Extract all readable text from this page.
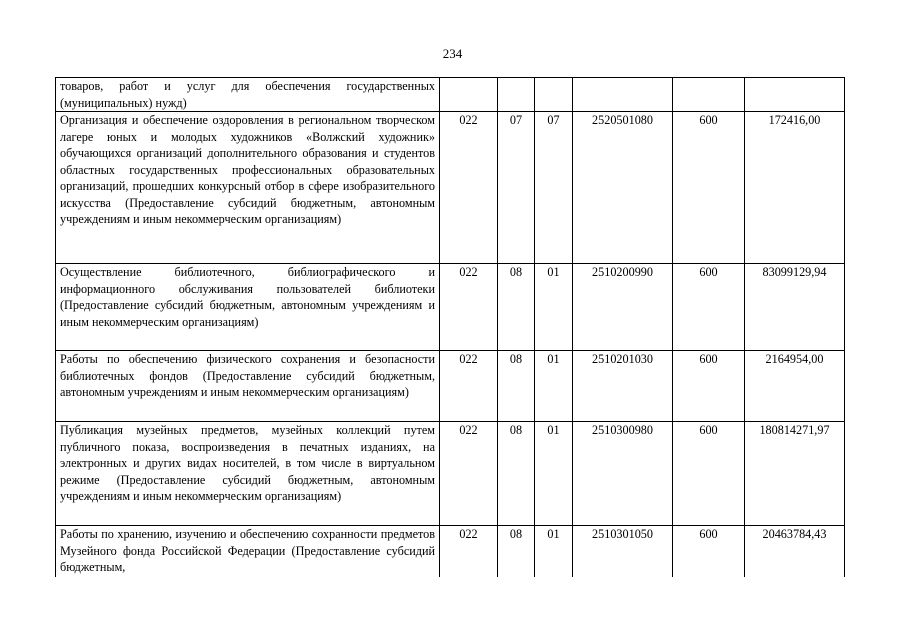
234
товаров, работ и услуг для обеспечения государственных (муниципальных) нужд)						
Организация и обеспечение оздоровления в региональном творческом лагере юных и молодых художников «Волжский художник» обучающихся организаций дополнительного образования и студентов областных государственных профессиональных образовательных организаций, прошедших конкурсный отбор в сфере изобразительного искусства (Предоставление субсидий бюджетным, автономным учреждениям и иным некоммерческим организациям)	022	07	07	2520501080	600	172416,00
Осуществление библиотечного, библиографического и информационного обслуживания пользователей библиотеки (Предоставление субсидий бюджетным, автономным учреждениям и иным некоммерческим организациям)	022	08	01	2510200990	600	83099129,94
Работы по обеспечению физического сохранения и безопасности библиотечных фондов (Предоставление субсидий бюджетным, автономным учреждениям и иным некоммерческим организациям)	022	08	01	2510201030	600	2164954,00
Публикация музейных предметов, музейных коллекций путем публичного показа, воспроизведения в печатных изданиях, на электронных и других видах носителей, в том числе в виртуальном режиме (Предоставление субсидий бюджетным, автономным учреждениям и иным некоммерческим организациям)	022	08	01	2510300980	600	180814271,97
Работы по хранению, изучению и обеспечению сохранности предметов Музейного фонда Российской Федерации (Предоставление субсидий бюджетным,	022	08	01	2510301050	600	20463784,43
